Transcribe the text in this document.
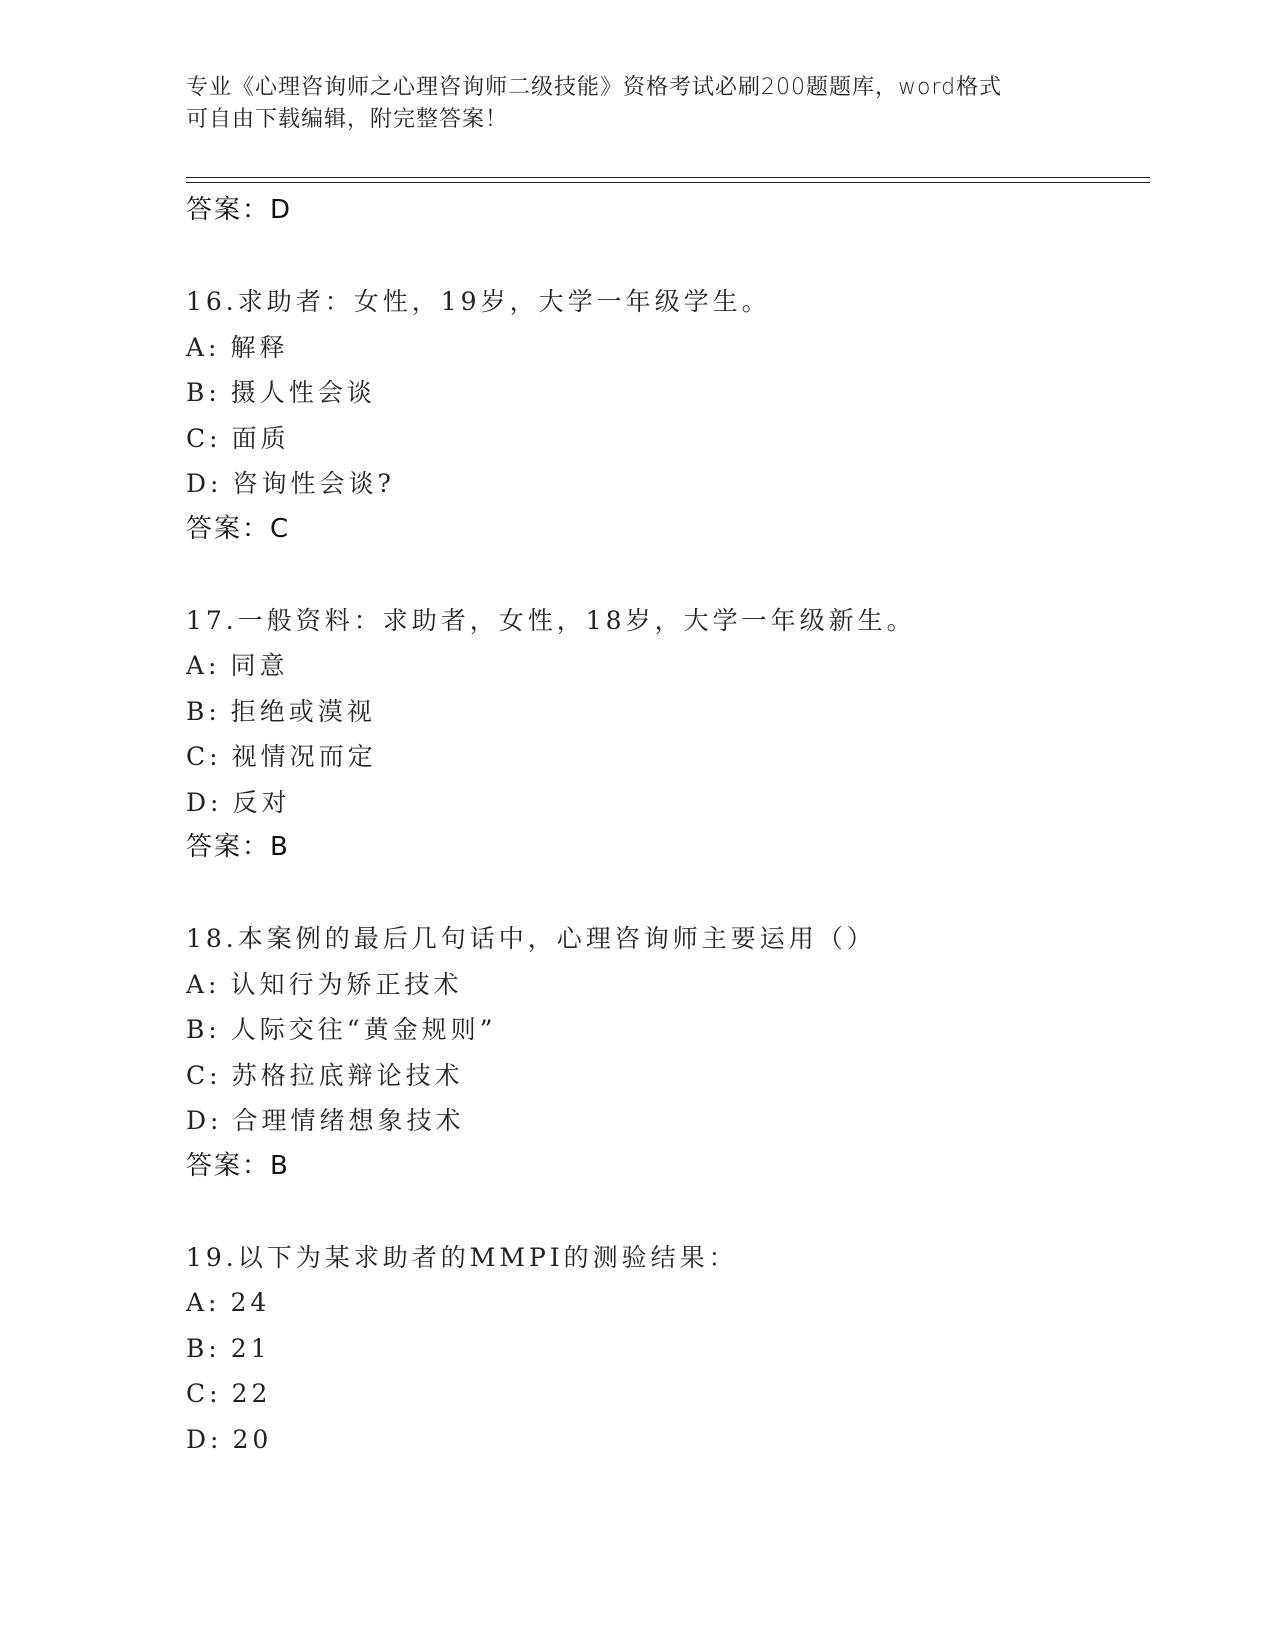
专业《心理咨询师之心理咨询师二级技能》资格考试必刷200题题库，word格式
可自由下载编辑，附完整答案！
答案：D
16.求助者：女性，19岁，大学一年级学生。
A: 解释
B: 摄人性会谈
C: 面质
D: 咨询性会谈?
答案：C
17.一般资料：求助者，女性，18岁，大学一年级新生。
A: 同意
B: 拒绝或漠视
C: 视情况而定
D: 反对
答案：B
18.本案例的最后几句话中，心理咨询师主要运用（）
A: 认知行为矫正技术
B: 人际交往“黄金规则”
C: 苏格拉底辩论技术
D: 合理情绪想象技术
答案：B
19.以下为某求助者的MMPI的测验结果：
A: 24
B: 21
C: 22
D: 20
